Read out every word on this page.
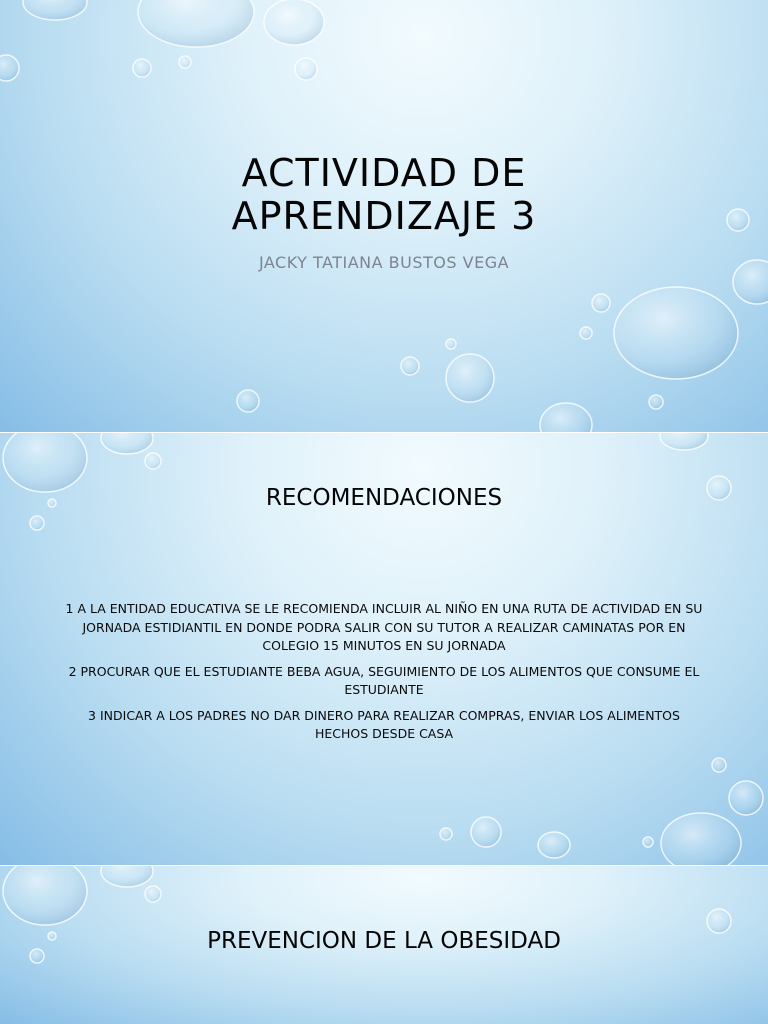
ACTIVIDAD DE
APRENDIZAJE 3
JACKY TATIANA BUSTOS VEGA
RECOMENDACIONES

1 A LA ENTIDAD EDUCATIVA SE LE RECOMIENDA INCLUIR AL NIÑO EN UNA RUTA DE ACTIVIDAD EN SU JORNADA ESTIDIANTIL EN DONDE PODRA SALIR CON SU TUTOR A REALIZAR CAMINATAS POR EN COLEGIO 15 MINUTOS EN SU JORNADA

2 PROCURAR QUE EL ESTUDIANTE BEBA AGUA, SEGUIMIENTO DE LOS ALIMENTOS QUE CONSUME EL ESTUDIANTE

3 INDICAR A LOS PADRES NO DAR DINERO PARA REALIZAR COMPRAS, ENVIAR LOS ALIMENTOS HECHOS DESDE CASA

PREVENCION DE LA OBESIDAD
